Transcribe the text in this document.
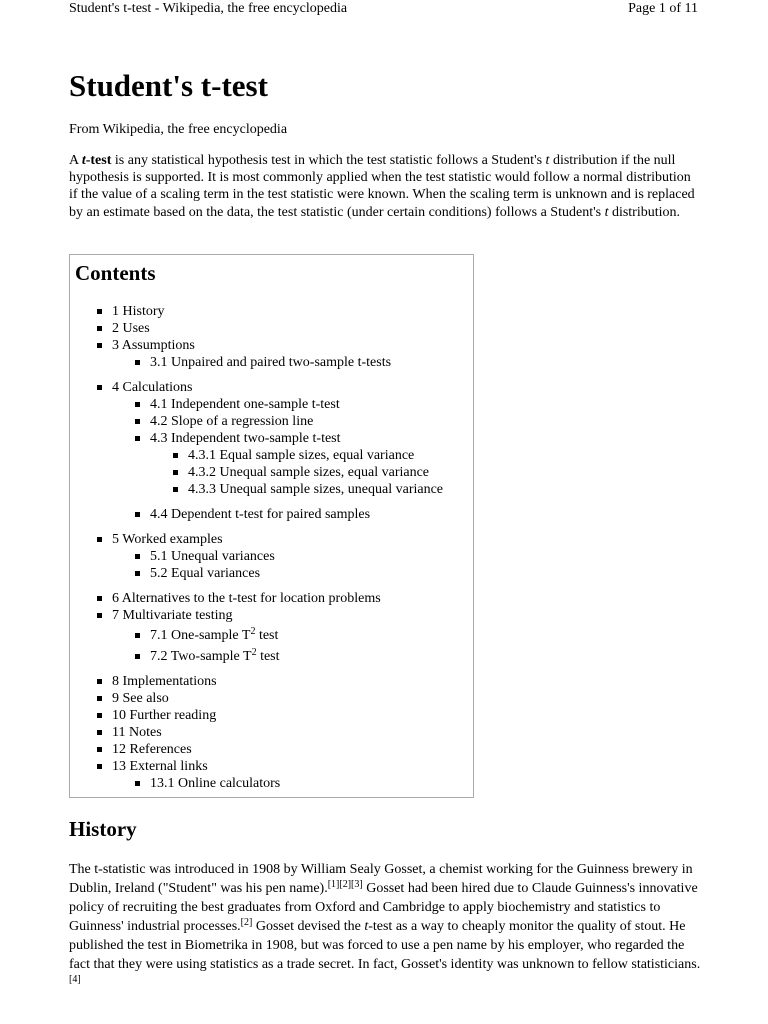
Student's t-test - Wikipedia, the free encyclopedia	Page 1 of 11
Student's t-test
From Wikipedia, the free encyclopedia

A t-test is any statistical hypothesis test in which the test statistic follows a Student's t distribution if the null hypothesis is supported. It is most commonly applied when the test statistic would follow a normal distribution if the value of a scaling term in the test statistic were known. When the scaling term is unknown and is replaced by an estimate based on the data, the test statistic (under certain conditions) follows a Student's t distribution.

Contents
1 History
2 Uses
3 Assumptions
3.1 Unpaired and paired two-sample t-tests
4 Calculations
4.1 Independent one-sample t-test
4.2 Slope of a regression line
4.3 Independent two-sample t-test
4.3.1 Equal sample sizes, equal variance
4.3.2 Unequal sample sizes, equal variance
4.3.3 Unequal sample sizes, unequal variance
4.4 Dependent t-test for paired samples
5 Worked examples
5.1 Unequal variances
5.2 Equal variances
6 Alternatives to the t-test for location problems
7 Multivariate testing
7.1 One-sample $T^2$ test
7.2 Two-sample $T^2$ test
8 Implementations
9 See also
10 Further reading
11 Notes
12 References
13 External links
13.1 Online calculators
History

The t-statistic was introduced in 1908 by William Sealy Gosset, a chemist working for the Guinness brewery in Dublin, Ireland ("Student" was his pen name).[1][2][3] Gosset had been hired due to Claude Guinness's innovative policy of recruiting the best graduates from Oxford and Cambridge to apply biochemistry and statistics to Guinness' industrial processes.[2] Gosset devised the t-test as a way to cheaply monitor the quality of stout. He published the test in Biometrika in 1908, but was forced to use a pen name by his employer, who regarded the fact that they were using statistics as a trade secret. In fact, Gosset's identity was unknown to fellow statisticians.[4]
